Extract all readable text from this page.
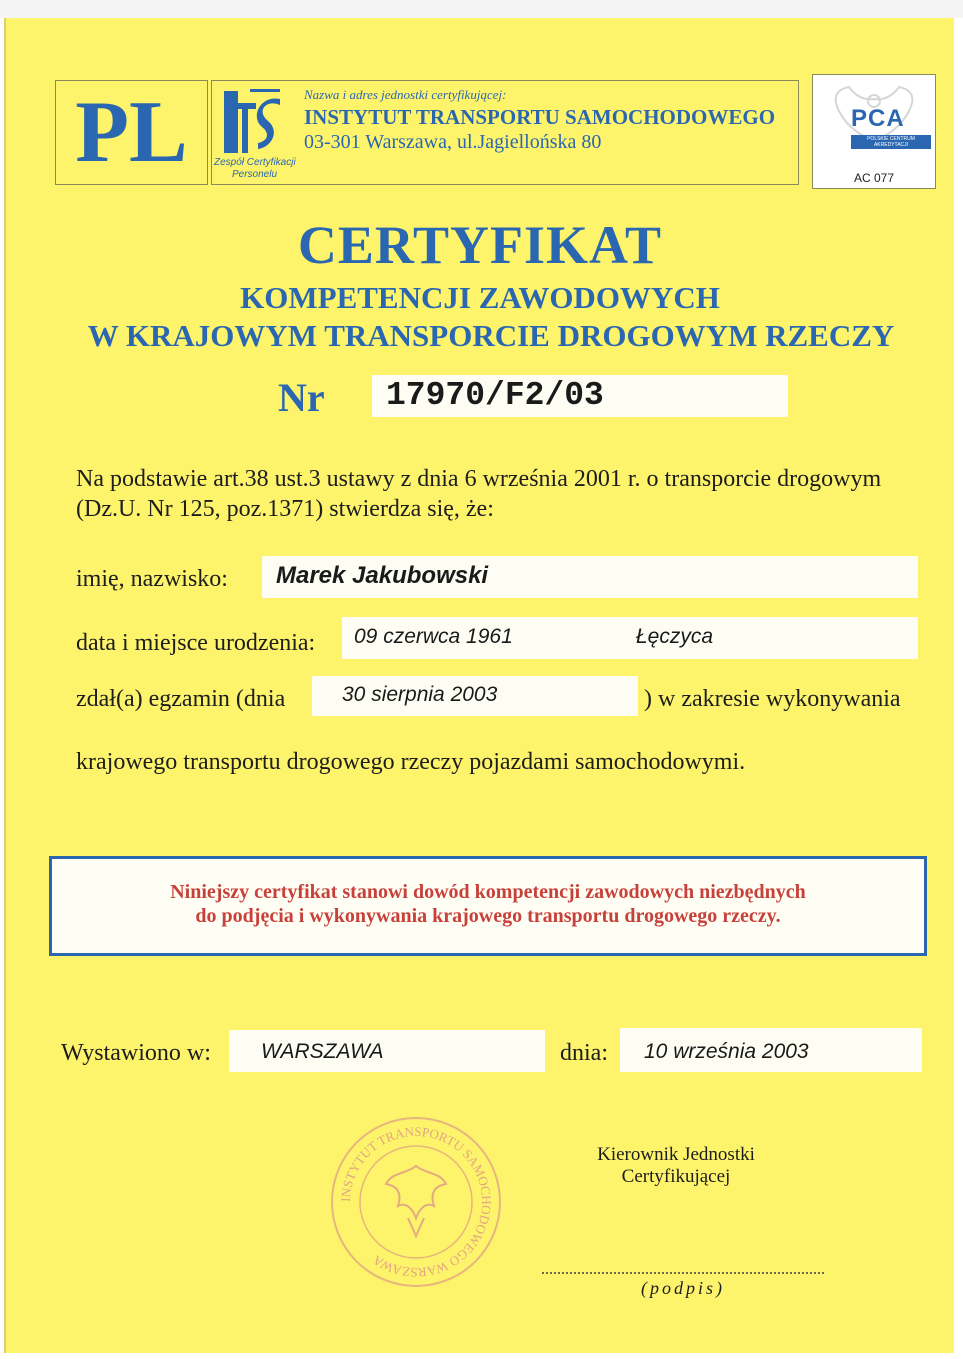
PL	Zespół Certyfikacji
Personelu
Nazwa i adres jednostki certyfikującej:
INSTYTUT TRANSPORTU SAMOCHODOWEGO
03-301 Warszawa, ul.Jagiellońska 80
PCA
POLSKIE CENTRUM AKREDYTACJI
AC 077
CERTYFIKAT
KOMPETENCJI ZAWODOWYCH
W KRAJOWYM TRANSPORCIE DROGOWYM RZECZY
Nr 17970/F2/03
Na podstawie art.38 ust.3 ustawy z dnia 6 września 2001 r. o transporcie drogowym
(Dz.U. Nr 125, poz.1371) stwierdza się, że:
imię, nazwisko: Marek Jakubowski
data i miejsce urodzenia: 09 czerwca 1961	Łęczyca
zdał(a) egzamin (dnia	30 sierpnia 2003	) w zakresie wykonywania
krajowego transportu drogowego rzeczy pojazdami samochodowymi.
Niniejszy certyfikat stanowi dowód kompetencji zawodowych niezbędnych
do podjęcia i wykonywania krajowego transportu drogowego rzeczy.
Wystawiono w: WARSZAWA	dnia: 10 września 2003
INSTYTUT TRANSPORTU SAMOCHODOWEGO WARSZAWA
Kierownik Jednostki
Certyfikującej
(podpis)
